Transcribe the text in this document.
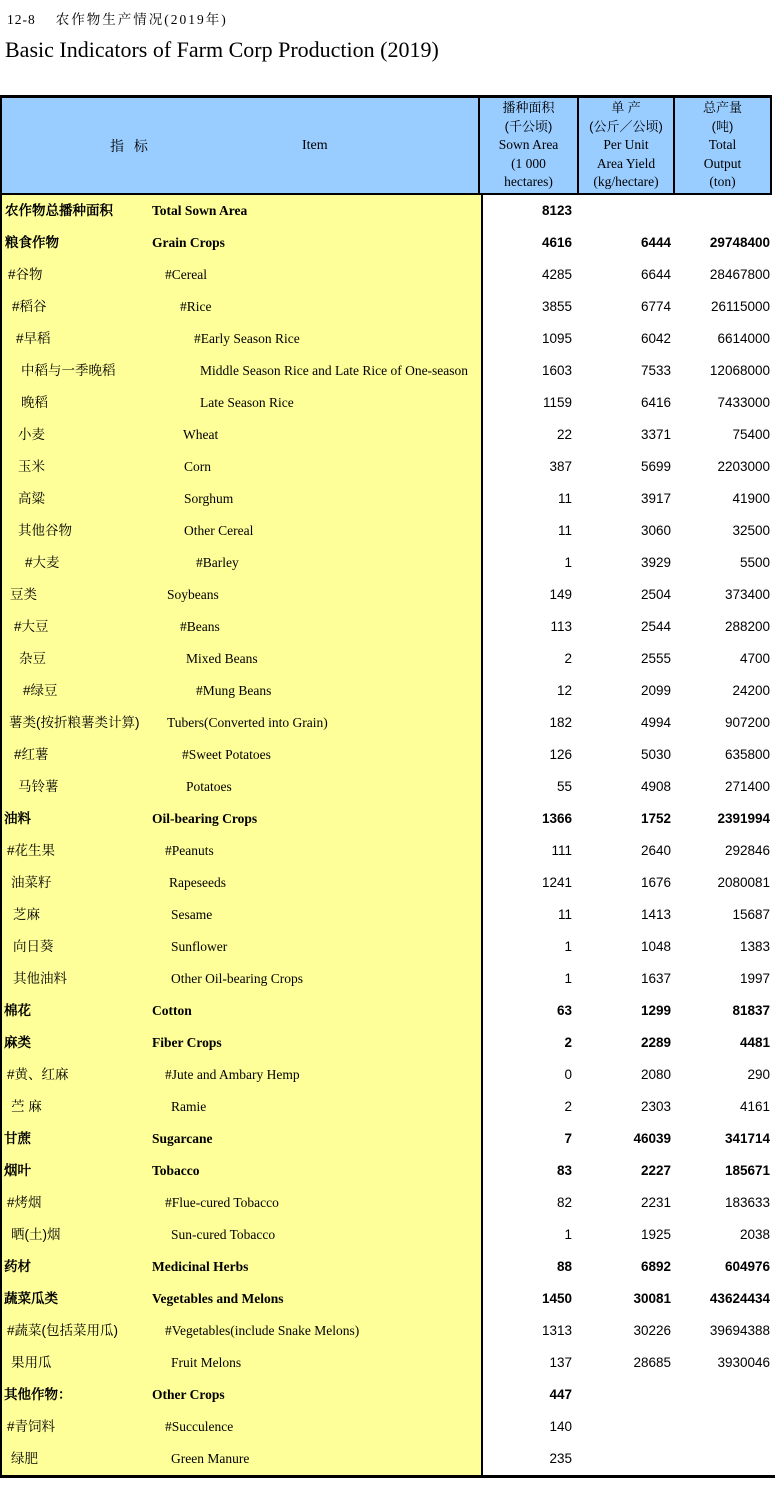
12-8 农作物生产情况(2019年)
Basic Indicators of Farm Corp Production (2019)
指 标	Item
播种面积
(千公顷)
Sown Area
(1 000
hectares)
单 产
(公斤／公顷)
Per Unit
Area Yield
(kg/hectare)
总产量
(吨)
Total
Output
(ton)
农作物总播种面积	Total Sown Area	8123
粮食作物	Grain Crops	4616	6444	29748400
#谷物	#Cereal	4285	6644	28467800
#稻谷	#Rice	3855	6774	26115000
#早稻	#Early Season Rice	1095	6042	6614000
中稻与一季晚稻	Middle Season Rice and Late Rice of One-season	1603	7533	12068000
晚稻	Late Season Rice	1159	6416	7433000
小麦	Wheat	22	3371	75400
玉米	Corn	387	5699	2203000
高粱	Sorghum	11	3917	41900
其他谷物	Other Cereal	11	3060	32500
#大麦	#Barley	1	3929	5500
豆类	Soybeans	149	2504	373400
#大豆	#Beans	113	2544	288200
杂豆	Mixed Beans	2	2555	4700
#绿豆	#Mung Beans	12	2099	24200
薯类(按折粮薯类计算) Tubers(Converted into Grain)	182	4994	907200
#红薯	#Sweet Potatoes	126	5030	635800
马铃薯	Potatoes	55	4908	271400
油料	Oil-bearing Crops	1366	1752	2391994
#花生果	#Peanuts	111	2640	292846
油菜籽	Rapeseeds	1241	1676	2080081
芝麻	Sesame	11	1413	15687
向日葵	Sunflower	1	1048	1383
其他油料	Other Oil-bearing Crops	1	1637	1997
棉花	Cotton	63	1299	81837
麻类	Fiber Crops	2	2289	4481
#黄、红麻	#Jute and Ambary Hemp	0	2080	290
苎 麻	Ramie	2	2303	4161
甘蔗	Sugarcane	7	46039	341714
烟叶	Tobacco	83	2227	185671
#烤烟	#Flue-cured Tobacco	82	2231	183633
晒(土)烟	Sun-cured Tobacco	1	1925	2038
药材	Medicinal Herbs	88	6892	604976
蔬菜瓜类	Vegetables and Melons	1450	30081	43624434
#蔬菜(包括菜用瓜)	#Vegetables(include Snake Melons)	1313	30226	39694388
果用瓜	Fruit Melons	137	28685	3930046
其他作物：	Other Crops	447
#青饲料	#Succulence	140
绿肥	Green Manure	235
